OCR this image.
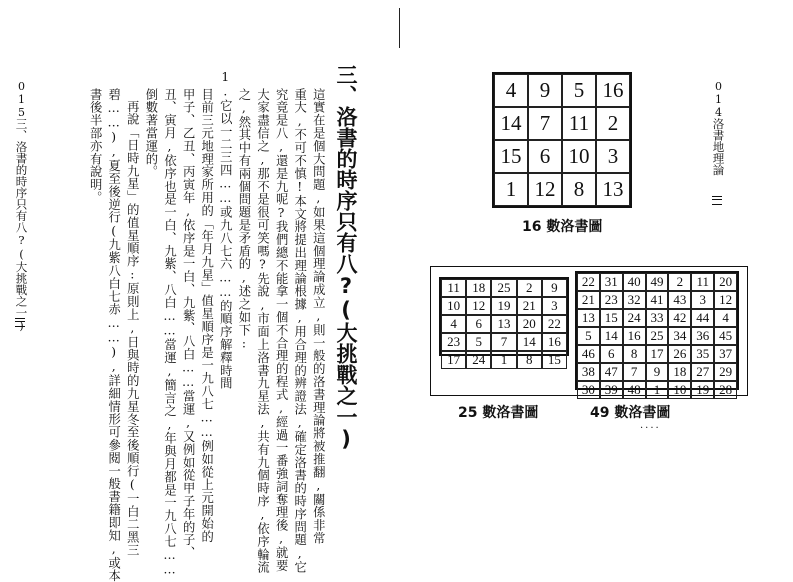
015
三、洛書的時序只有八?(大挑戰之一)	三、洛書的時序只有八?(大挑戰之一)
這實在是個大問題,如果這個理論成立,則一般的洛書理論將被推翻,關係非常
重大,不可不慎!本文將提出理論根據,用合理的辨證法,確定洛書的時序問題,它
究竟是八,還是九呢?我們總不能拿一個不合理的程式,經過一番強詞奪理後,就要
大家盡信之,那不是很可笑嗎?先說,市面上洛書九星法,共有九個時序,依序輪流
之,然其中有兩個問題是矛盾的,述之如下:
1.它以一二三四……或九八七六……的順序解釋時間
目前三元地理家所用的「年月九星」值星順序是一九八七……例如從上元開始的
甲子、乙丑、丙寅年,依序是一白、九紫、八白……當運,又例如從甲子年的子、
丑、寅月,依序也是一白、九紫、八白……當運,簡言之,年與月都是一九八七……
倒數著當運的。
再說「日時九星」的值星順序:原則上,日與時的九星冬至後順行(一白二黑三
碧……),夏至後逆行(九紫八白七赤……),詳細情形可參閱一般書籍即知,或本
書後半部亦有說明。	014
洛書地理論
4	9	5 16
14 7 11 2
15 6 10 3
1 12 8 13
16 數洛書圖
11 18 25	2	9
10 12 19 21	3
4	6	13 20 22
23	5	7	14 16
17 24	1	8	15
22 31 40 49	2	11 20
21 23 32 41 43	3	12
13 15 24 33 42 44	4
5	14 16 25 34 36 45
46	6	8	17 26 35 37
38 47	7	9	18 27 29
30 39 48	1	10 19 28
25 數洛書圖	49 數洛書圖
....
